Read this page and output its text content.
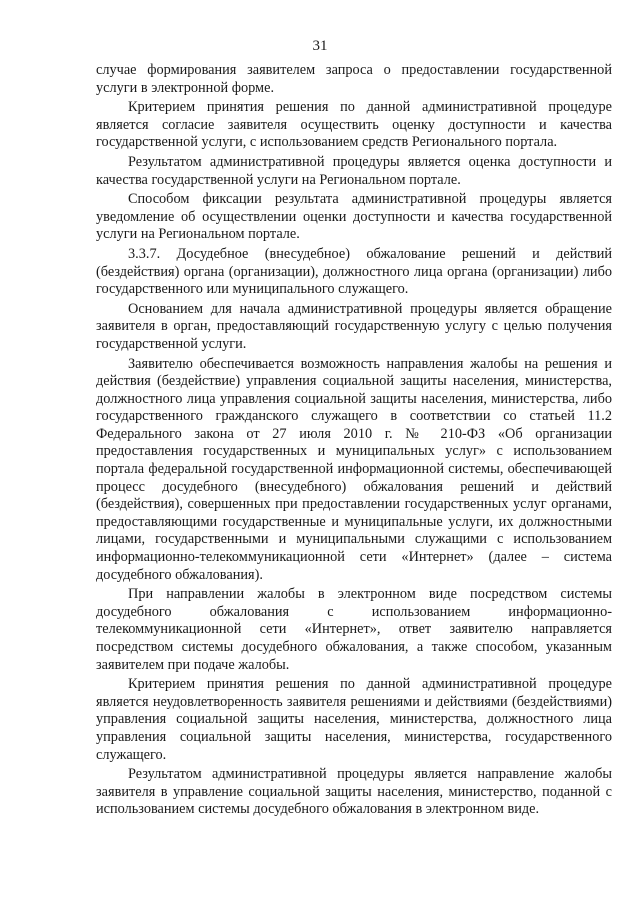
31

случае формирования заявителем запроса о предоставлении государственной услуги в электронной форме.

Критерием принятия решения по данной административной процедуре является согласие заявителя осуществить оценку доступности и качества государственной услуги, с использованием средств Регионального портала.

Результатом административной процедуры является оценка доступности и качества государственной услуги на Региональном портале.

Способом фиксации результата административной процедуры является уведомление об осуществлении оценки доступности и качества государственной услуги на Региональном портале.

3.3.7. Досудебное (внесудебное) обжалование решений и действий (бездействия) органа (организации), должностного лица органа (организации) либо государственного или муниципального служащего.

Основанием для начала административной процедуры является обращение заявителя в орган, предоставляющий государственную услугу с целью получения государственной услуги.

Заявителю обеспечивается возможность направления жалобы на решения и действия (бездействие) управления социальной защиты населения, министерства, должностного лица управления социальной защиты населения, министерства, либо государственного гражданского служащего в соответствии со статьей 11.2 Федерального закона от 27 июля 2010 г. № 210-ФЗ «Об организации предоставления государственных и муниципальных услуг» с использованием портала федеральной государственной информационной системы, обеспечивающей процесс досудебного (внесудебного) обжалования решений и действий (бездействия), совершенных при предоставлении государственных услуг органами, предоставляющими государственные и муниципальные услуги, их должностными лицами, государственными и муниципальными служащими с использованием информационно-телекоммуникационной сети «Интернет» (далее – система досудебного обжалования).

При направлении жалобы в электронном виде посредством системы досудебного обжалования с использованием информационно-телекоммуникационной сети «Интернет», ответ заявителю направляется посредством системы досудебного обжалования, а также способом, указанным заявителем при подаче жалобы.

Критерием принятия решения по данной административной процедуре является неудовлетворенность заявителя решениями и действиями (бездействиями) управления социальной защиты населения, министерства, должностного лица управления социальной защиты населения, министерства, государственного служащего.

Результатом административной процедуры является направление жалобы заявителя в управление социальной защиты населения, министерство, поданной с использованием системы досудебного обжалования в электронном виде.
